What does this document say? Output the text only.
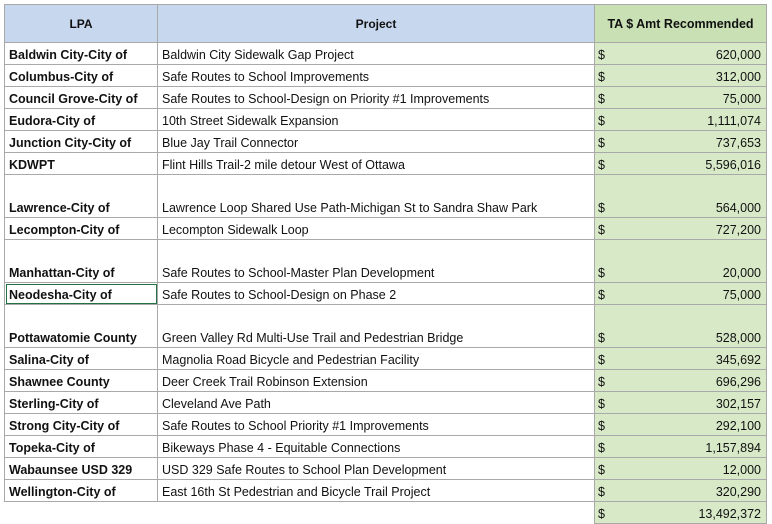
LPA	Project	TA $ Amt Recommended
Baldwin City-City of	Baldwin City Sidewalk Gap Project	$ 620,000

Columbus-City of	Safe Routes to School Improvements	$ 312,000

Council Grove-City of	Safe Routes to School-Design on Priority #1 Improvements	$ 75,000

Eudora-City of	10th Street Sidewalk Expansion	$ 1,111,074

Junction City-City of	Blue Jay Trail Connector	$ 737,653

KDWPT	Flint Hills Trail-2 mile detour West of Ottawa	$ 5,596,016

Lawrence-City of	Lawrence Loop Shared Use Path-Michigan St to Sandra Shaw Park	$ 564,000

Lecompton-City of	Lecompton Sidewalk Loop	$ 727,200

Manhattan-City of	Safe Routes to School-Master Plan Development	$ 20,000

Neodesha-City of	Safe Routes to School-Design on Phase 2	$ 75,000

Pottawatomie County	Green Valley Rd Multi-Use Trail and Pedestrian Bridge	$ 528,000

Salina-City of	Magnolia Road Bicycle and Pedestrian Facility	$ 345,692

Shawnee County	Deer Creek Trail Robinson Extension	$ 696,296

Sterling-City of	Cleveland Ave Path	$ 302,157

Strong City-City of	Safe Routes to School Priority #1 Improvements	$ 292,100

Topeka-City of	Bikeways Phase 4 - Equitable Connections	$ 1,157,894

Wabaunsee USD 329	USD 329 Safe Routes to School Plan Development	$ 12,000

Wellington-City of	East 16th St Pedestrian and Bicycle Trail Project	$ 320,290

		$ 13,492,372
